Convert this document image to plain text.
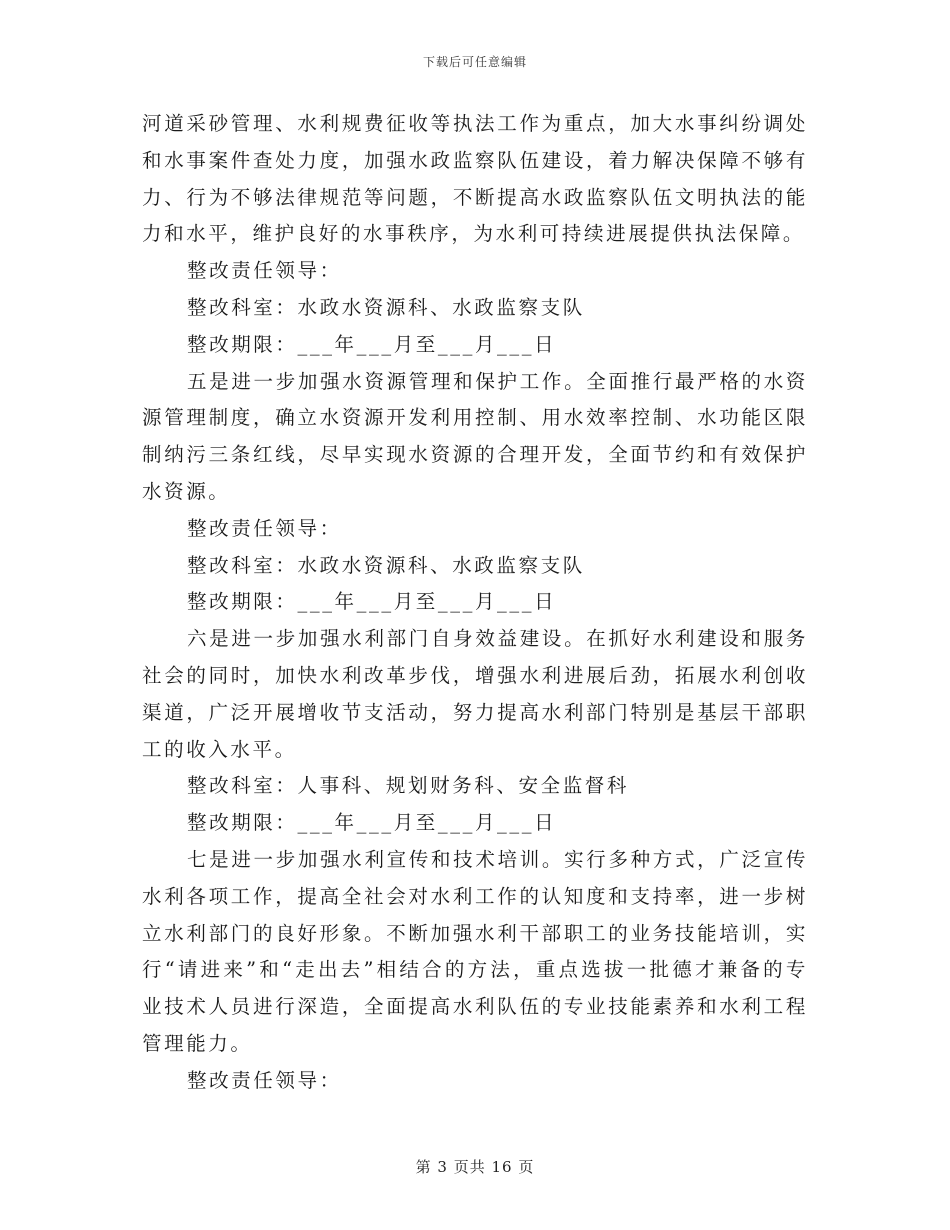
下载后可任意编辑

河道采砂管理、水利规费征收等执法工作为重点，加大水事纠纷调处和水事案件查处力度，加强水政监察队伍建设，着力解决保障不够有力、行为不够法律规范等问题，不断提高水政监察队伍文明执法的能力和水平，维护良好的水事秩序，为水利可持续进展提供执法保障。

整改责任领导：

整改科室：水政水资源科、水政监察支队

整改期限：___年___月至___月___日

五是进一步加强水资源管理和保护工作。全面推行最严格的水资源管理制度，确立水资源开发利用控制、用水效率控制、水功能区限制纳污三条红线，尽早实现水资源的合理开发，全面节约和有效保护水资源。

整改责任领导：

整改科室：水政水资源科、水政监察支队

整改期限：___年___月至___月___日

六是进一步加强水利部门自身效益建设。在抓好水利建设和服务社会的同时，加快水利改革步伐，增强水利进展后劲，拓展水利创收渠道，广泛开展增收节支活动，努力提高水利部门特别是基层干部职工的收入水平。

整改科室：人事科、规划财务科、安全监督科

整改期限：___年___月至___月___日

七是进一步加强水利宣传和技术培训。实行多种方式，广泛宣传水利各项工作，提高全社会对水利工作的认知度和支持率，进一步树立水利部门的良好形象。不断加强水利干部职工的业务技能培训，实行“请进来”和“走出去”相结合的方法，重点选拔一批德才兼备的专业技术人员进行深造，全面提高水利队伍的专业技能素养和水利工程管理能力。

整改责任领导：

第 3 页共 16 页
